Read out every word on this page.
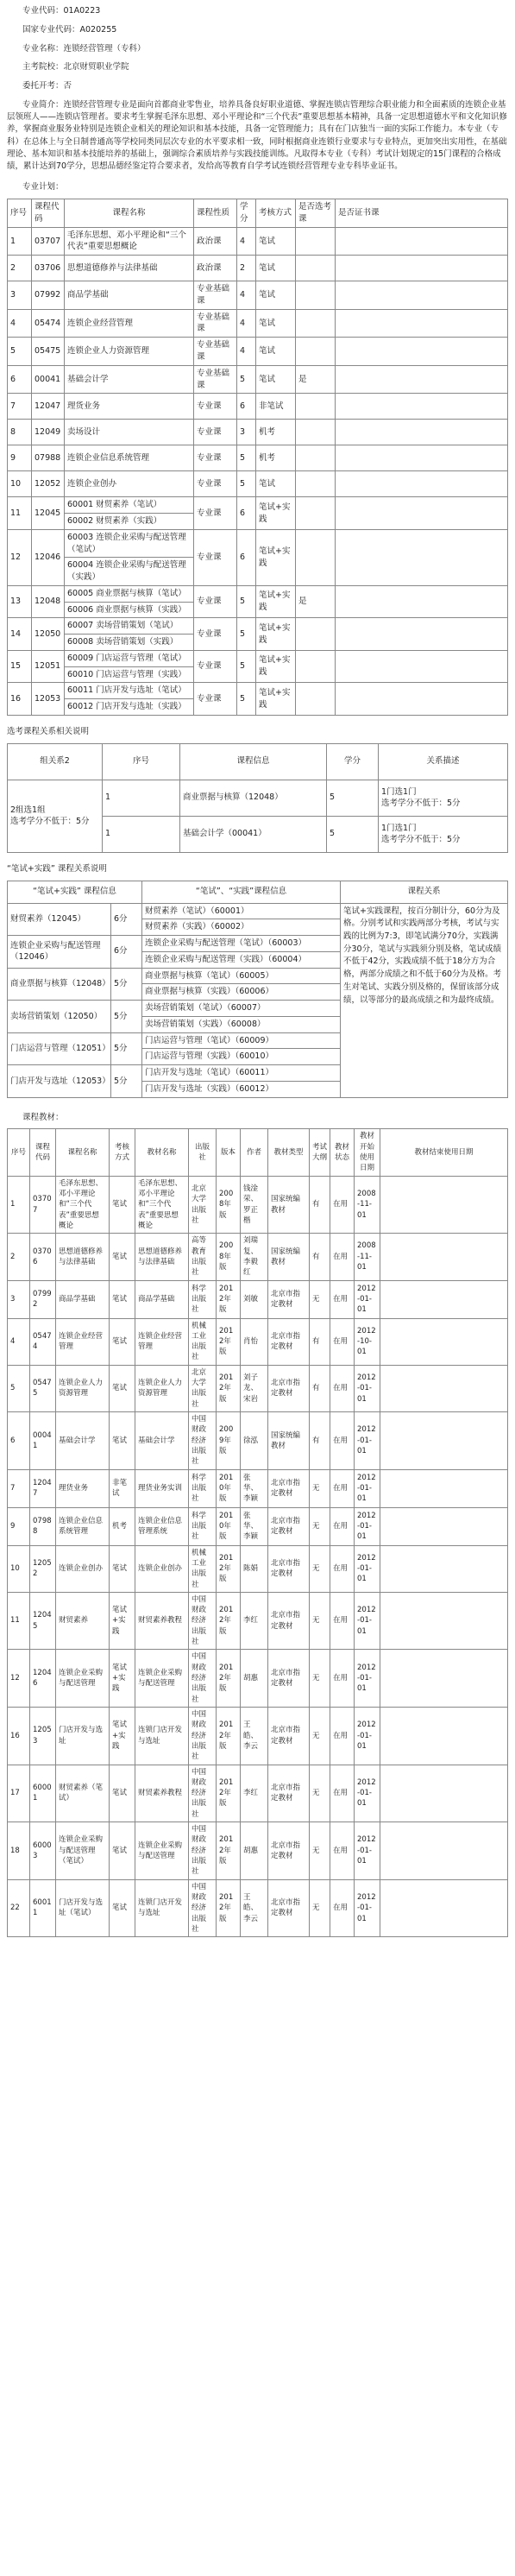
专业代码：01A0223
国家专业代码：A020255
专业名称：连锁经营管理（专科）
主考院校：北京财贸职业学院
委托开考：否
专业简介：连锁经营管理专业是面向首都商业零售业，培养具备良好职业道德、掌握连锁店管理综合职业能力和全面素质的连锁企业基层领班人——连锁店管理者。要求考生掌握毛泽东思想、邓小平理论和“三个代表”重要思想基本精神，具备一定思想道德水平和文化知识修养，掌握商业服务业特别是连锁企业相关的理论知识和基本技能，具备一定管理能力；具有在门店独当一面的实际工作能力。本专业（专科）在总体上与全日制普通高等学校同类同层次专业的水平要求相一致，同时根据商业连锁行业要求与专业特点，更加突出实用性，在基础理论、基本知识和基本技能培养的基础上，强调综合素质培养与实践技能训练。凡取得本专业（专科）考试计划规定的15门课程的合格成绩，累计达到70学分，思想品德经鉴定符合要求者，发给高等教育自学考试连锁经营管理专业专科毕业证书。
专业计划：
序号	课程代码	课程名称	课程性质	学分	考核方式	是否选考课	是否证书课
1	03707	毛泽东思想、邓小平理论和“三个代表”重要思想概论	政治课	4	笔试		
2	03706	思想道德修养与法律基础	政治课	2	笔试		
3	07992	商品学基础	专业基础课	4	笔试		
4	05474	连锁企业经营管理	专业基础课	4	笔试		
5	05475	连锁企业人力资源管理	专业基础课	4	笔试		
6	00041	基础会计学	专业基础课	5	笔试	是	
7	12047	理货业务	专业课	6	非笔试		
8	12049	卖场设计	专业课	3	机考		
9	07988	连锁企业信息系统管理	专业课	5	机考		
10	12052	连锁企业创办	专业课	5	笔试		
11	12045	60001 财贸素养（笔试）	专业课	6	笔试+实践		
		60002 财贸素养（实践）					
12	12046	60003 连锁企业采购与配送管理（笔试）	专业课	6	笔试+实践		
		60004 连锁企业采购与配送管理（实践）					
13	12048	60005 商业票据与核算（笔试）	专业课	5	笔试+实践	是	
		60006 商业票据与核算（实践）					
14	12050	60007 卖场营销策划（笔试）	专业课	5	笔试+实践		
		60008 卖场营销策划（实践）					
15	12051	60009 门店运营与管理（笔试）	专业课	5	笔试+实践		
		60010 门店运营与管理（实践）					
16	12053	60011 门店开发与选址（笔试）	专业课	5	笔试+实践		
		60012 门店开发与选址（实践）					
选考课程关系相关说明
组关系2	序号	课程信息	学分	关系描述
2组选1组
选考学分不低于：5分	1	商业票据与核算（12048）	5	1门选1门
选考学分不低于：5分
	1	基础会计学（00041）	5	1门选1门
选考学分不低于：5分
“笔试+实践” 课程关系说明
“笔试+实践” 课程信息		“笔试”、“实践”课程信息	课程关系
财贸素养（12045）	6分	财贸素养（笔试）（60001）	笔试+实践课程，按百分制计分，60分为及格。分别考试和实践两部分考核，考试与实践的比例为7:3，即笔试满分70分，实践满分30分，笔试与实践须分别及格，笔试成绩不低于42分，实践成绩不低于18分方为合格，两部分成绩之和不低于60分为及格。考生对笔试、实践分别及格的，保留该部分成绩，以等部分的最高成绩之和为最终成绩。
		财贸素养（实践）（60002）	
连锁企业采购与配送管理（12046）	6分	连锁企业采购与配送管理（笔试）（60003）	
		连锁企业采购与配送管理（实践）（60004）	
商业票据与核算（12048）	5分	商业票据与核算（笔试）（60005）	
		商业票据与核算（实践）（60006）	
卖场营销策划（12050）	5分	卖场营销策划（笔试）（60007）	
		卖场营销策划（实践）（60008）	
门店运营与管理（12051）	5分	门店运营与管理（笔试）（60009）	
		门店运营与管理（实践）（60010）	
门店开发与选址（12053）	5分	门店开发与选址（笔试）（60011）	
		门店开发与选址（实践）（60012）	
课程教材：
序号	课程代码	课程名称	考核方式	教材名称	出版社	版本	作者	教材类型	考试大纲	教材状态	教材开始使用日期	教材结束使用日期
1	03707	毛泽东思想、邓小平理论和“三个代表”重要思想概论	笔试	毛泽东思想、邓小平理论和“三个代表”重要思想概论	北京大学出版社	2008年版	钱淦荣、罗正楷	国家统编教材	有	在用	2008-11-01	
2	03706	思想道德修养与法律基础	笔试	思想道德修养与法律基础	高等教育出版社	2008年版	刘瑞复、李毅红	国家统编教材	有	在用	2008-11-01	
3	07992	商品学基础	笔试	商品学基础	科学出版社	2012年版	刘敏	北京市指定教材	无	在用	2012-01-01	
4	05474	连锁企业经营管理	笔试	连锁企业经营管理	机械工业出版社	2012年版	肖怡	北京市指定教材	有	在用	2012-10-01	
5	05475	连锁企业人力资源管理	笔试	连锁企业人力资源管理	北京大学出版社	2012年版	刘子龙、宋岩	北京市指定教材	有	在用	2012-01-01	
6	00041	基础会计学	笔试	基础会计学	中国财政经济出版社	2009年版	徐泓	国家统编教材	有	在用	2012-01-01	
7	12047	理货业务	非笔试	理货业务实训	科学出版社	2010年版	张华、李颖	北京市指定教材	无	在用	2012-01-01	
9	07988	连锁企业信息系统管理	机考	连锁企业信息管理系统	科学出版社	2010年版	张华、李颖	北京市指定教材	无	在用	2012-01-01	
10	12052	连锁企业创办	笔试	连锁企业创办	机械工业出版社	2012年版	陈娟	北京市指定教材	无	在用	2012-01-01	
11	12045	财贸素养	笔试+实践	财贸素养教程	中国财政经济出版社	2012年版	李红	北京市指定教材	无	在用	2012-01-01	
12	12046	连锁企业采购与配送管理	笔试+实践	连锁企业采购与配送管理	中国财政经济出版社	2012年版	胡惠	北京市指定教材	无	在用	2012-01-01	
16	12053	门店开发与选址	笔试+实践	连锁门店开发与选址	中国财政经济出版社	2012年版	王皓、李云	北京市指定教材	无	在用	2012-01-01	
17	60001	财贸素养（笔试）	笔试	财贸素养教程	中国财政经济出版社	2012年版	李红	北京市指定教材	无	在用	2012-01-01	
18	60003	连锁企业采购与配送管理（笔试）	笔试	连锁企业采购与配送管理	中国财政经济出版社	2012年版	胡惠	北京市指定教材	无	在用	2012-01-01	
22	60011	门店开发与选址（笔试）	笔试	连锁门店开发与选址	中国财政经济出版社	2012年版	王皓、李云	北京市指定教材	无	在用	2012-01-01	
